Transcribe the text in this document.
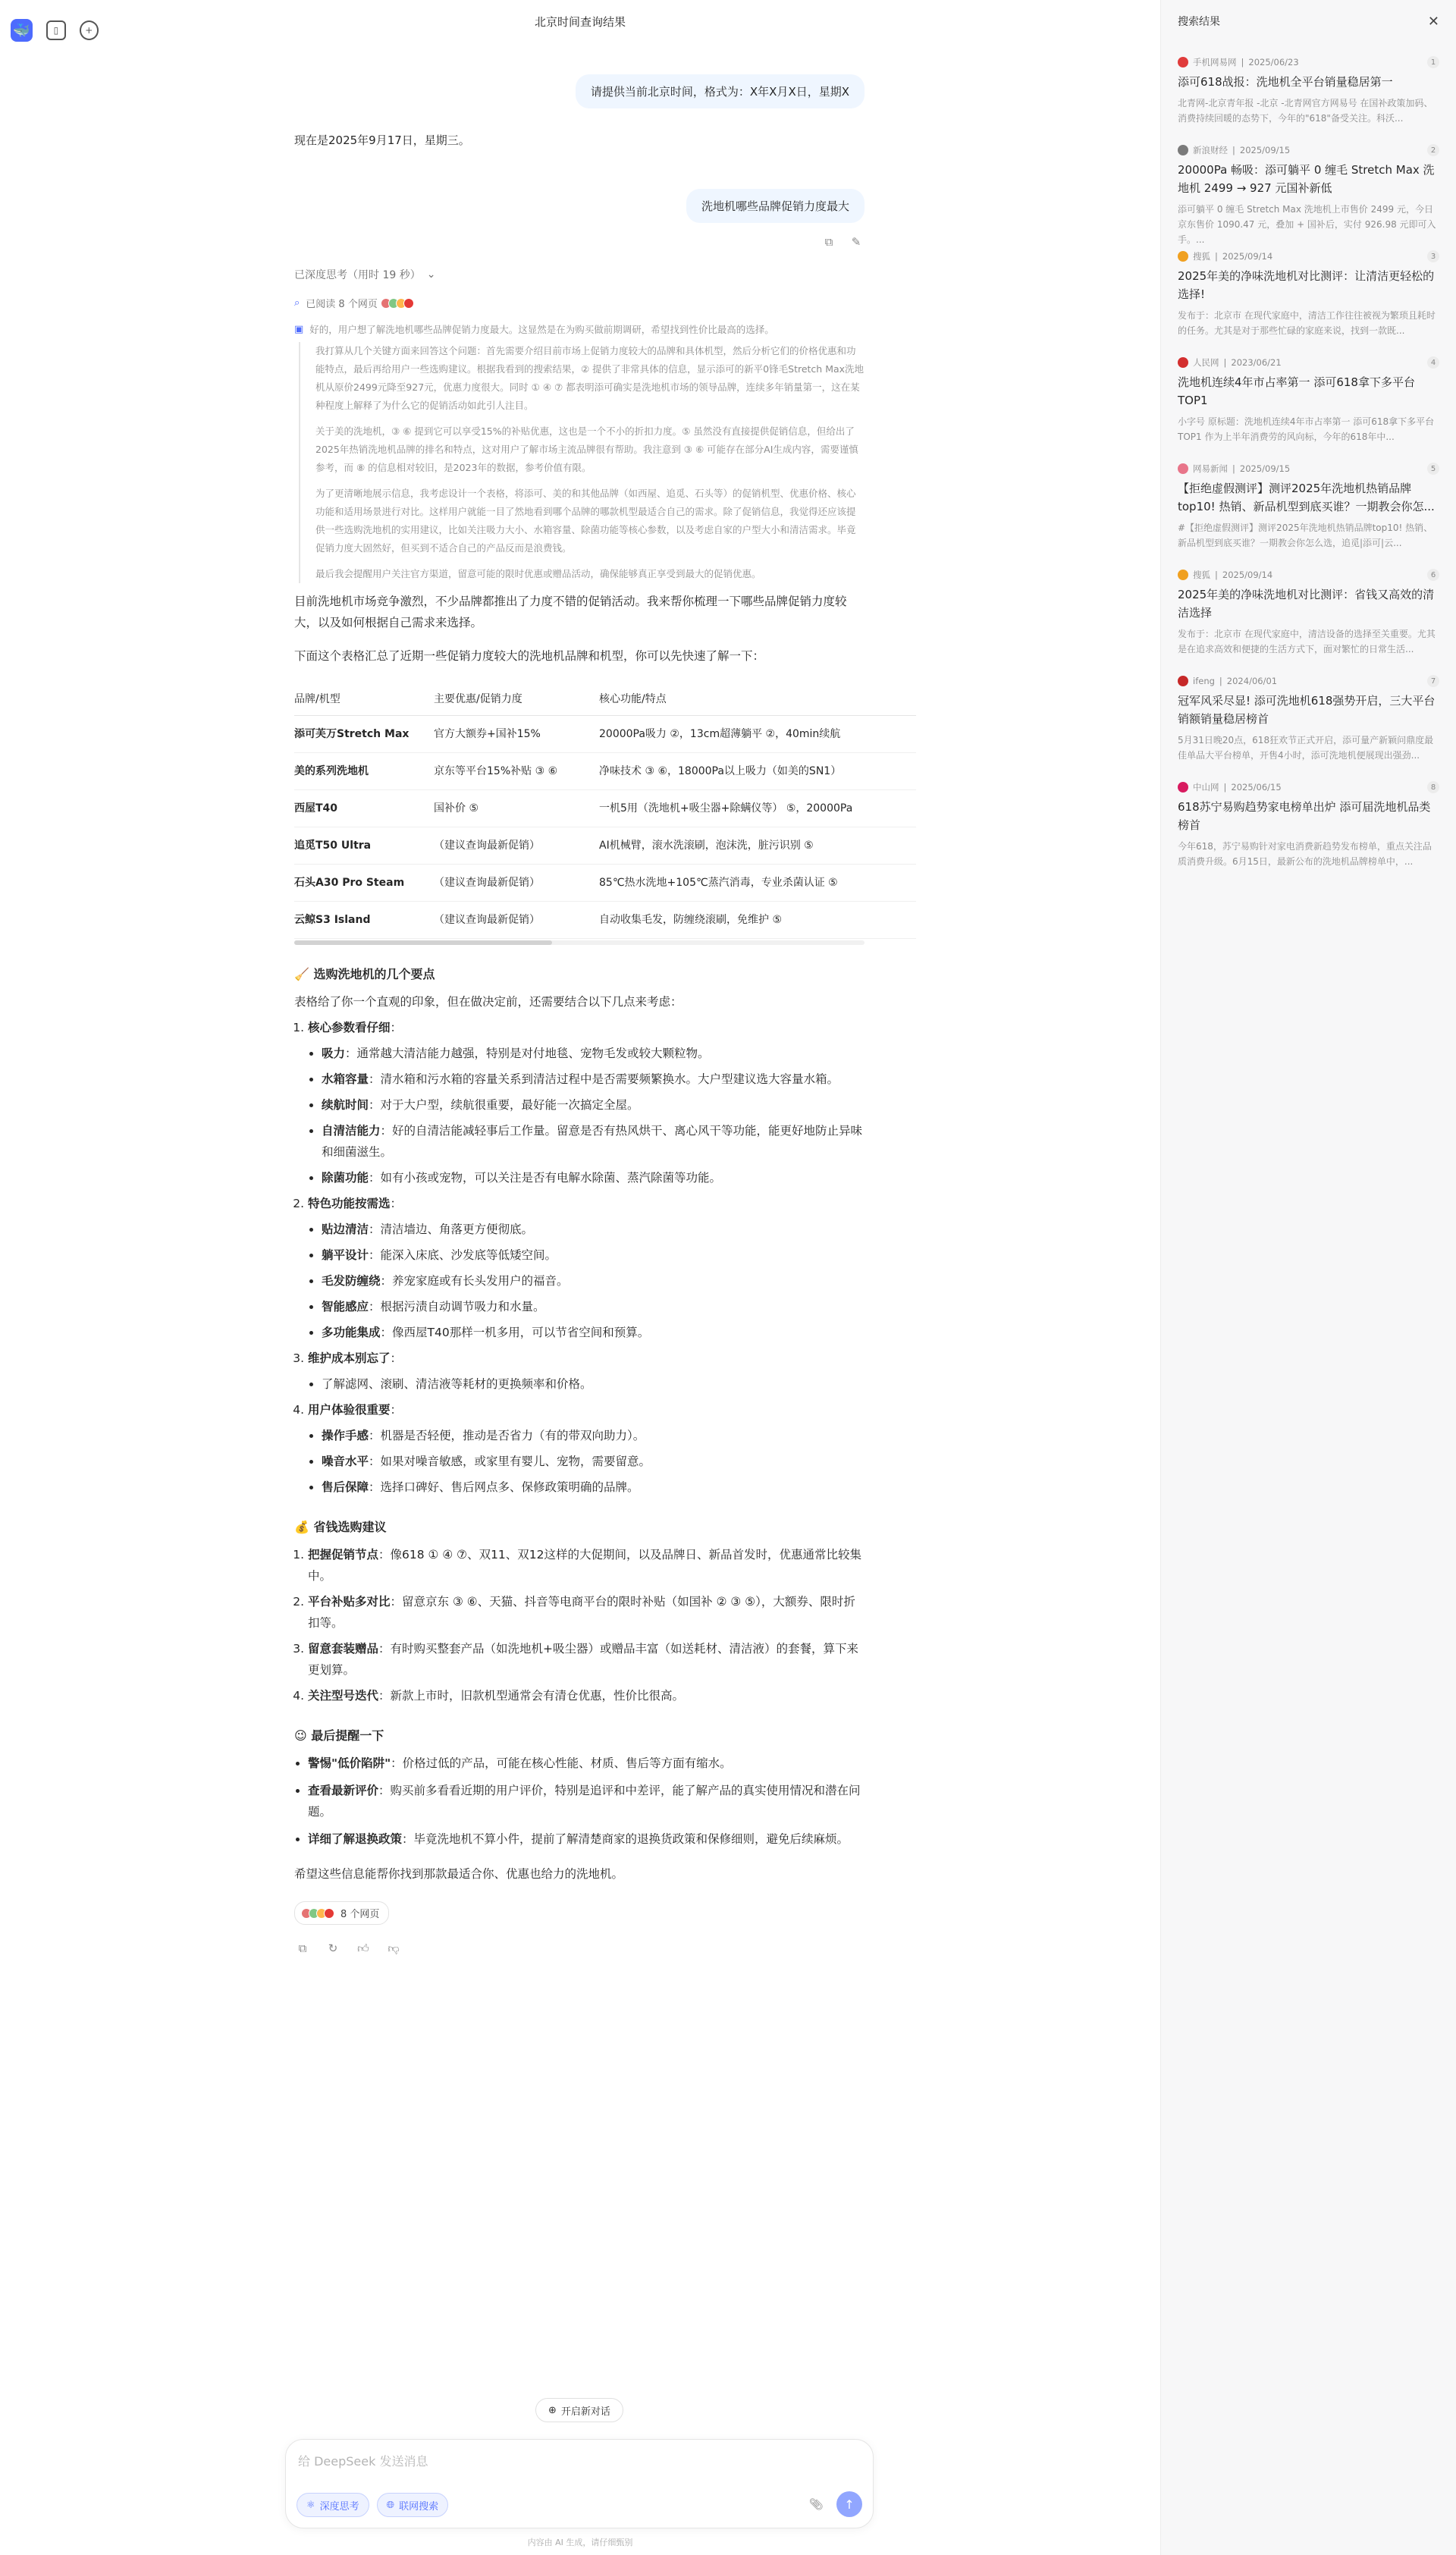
🐳	▯	+
北京时间查询结果
请提供当前北京时间，格式为：X年X月X日，星期X
现在是2025年9月17日，星期三。
洗地机哪些品牌促销力度最大
⧉	✎
已深度思考（用时 19 秒） ⌄
⌕ 已阅读 8 个网页
▣ 好的，用户想了解洗地机哪些品牌促销力度最大。这显然是在为购买做前期调研，希望找到性价比最高的选择。

我打算从几个关键方面来回答这个问题：首先需要介绍目前市场上促销力度较大的品牌和具体机型，然后分析它们的价格优惠和功能特点，最后再给用户一些选购建议。根据我看到的搜索结果，② 提供了非常具体的信息，显示添可的新平0锋毛Stretch Max洗地机从原价2499元降至927元，优惠力度很大。同时 ① ④ ⑦ 都表明添可确实是洗地机市场的领导品牌，连续多年销量第一，这在某种程度上解释了为什么它的促销活动如此引人注目。

关于美的洗地机，③ ⑥ 提到它可以享受15%的补贴优惠，这也是一个不小的折扣力度。⑤ 虽然没有直接提供促销信息，但给出了2025年热销洗地机品牌的排名和特点，这对用户了解市场主流品牌很有帮助。我注意到 ③ ⑥ 可能存在部分AI生成内容，需要谨慎参考，而 ⑧ 的信息相对较旧，是2023年的数据，参考价值有限。

为了更清晰地展示信息，我考虑设计一个表格，将添可、美的和其他品牌（如西屋、追觅、石头等）的促销机型、优惠价格、核心功能和适用场景进行对比。这样用户就能一目了然地看到哪个品牌的哪款机型最适合自己的需求。除了促销信息，我觉得还应该提供一些选购洗地机的实用建议，比如关注吸力大小、水箱容量、除菌功能等核心参数，以及考虑自家的户型大小和清洁需求。毕竟促销力度大固然好，但买到不适合自己的产品反而是浪费钱。

最后我会提醒用户关注官方渠道，留意可能的限时优惠或赠品活动，确保能够真正享受到最大的促销优惠。

目前洗地机市场竞争激烈，不少品牌都推出了力度不错的促销活动。我来帮你梳理一下哪些品牌促销力度较大，以及如何根据自己需求来选择。

下面这个表格汇总了近期一些促销力度较大的洗地机品牌和机型，你可以先快速了解一下：

品牌/机型	主要优惠/促销力度	核心功能/特点
添可芙万Stretch Max	官方大额券+国补15%	20000Pa吸力 ②，13cm超薄躺平 ②，40min续航
美的系列洗地机	京东等平台15%补贴 ③ ⑥	净味技术 ③ ⑥，18000Pa以上吸力（如美的SN1）
西屋T40	国补价 ⑤	一机5用（洗地机+吸尘器+除螨仪等） ⑤，20000Pa
追觅T50 Ultra	（建议查询最新促销）	AI机械臂，滚水洗滚刷，泡沫洗，脏污识别 ⑤
石头A30 Pro Steam	（建议查询最新促销）	85℃热水洗地+105℃蒸汽消毒，专业杀菌认证 ⑤
云鲸S3 Island	（建议查询最新促销）	自动收集毛发，防缠绕滚刷，免维护 ⑤
🧹 选购洗地机的几个要点

表格给了你一个直观的印象，但在做决定前，还需要结合以下几点来考虑：

1. 核心参数看仔细：
• 吸力：通常越大清洁能力越强，特别是对付地毯、宠物毛发或较大颗粒物。
• 水箱容量：清水箱和污水箱的容量关系到清洁过程中是否需要频繁换水。大户型建议选大容量水箱。
• 续航时间：对于大户型，续航很重要，最好能一次搞定全屋。
• 自清洁能力：好的自清洁能减轻事后工作量。留意是否有热风烘干、离心风干等功能，能更好地防止异味和细菌滋生。
• 除菌功能：如有小孩或宠物，可以关注是否有电解水除菌、蒸汽除菌等功能。
2. 特色功能按需选：
• 贴边清洁：清洁墙边、角落更方便彻底。
• 躺平设计：能深入床底、沙发底等低矮空间。
• 毛发防缠绕：养宠家庭或有长头发用户的福音。
• 智能感应：根据污渍自动调节吸力和水量。
• 多功能集成：像西屋T40那样一机多用，可以节省空间和预算。
3. 维护成本别忘了：
• 了解滤网、滚刷、清洁液等耗材的更换频率和价格。
4. 用户体验很重要：
• 操作手感：机器是否轻便，推动是否省力（有的带双向助力）。
• 噪音水平：如果对噪音敏感，或家里有婴儿、宠物，需要留意。
• 售后保障：选择口碑好、售后网点多、保修政策明确的品牌。
💰 省钱选购建议
1. 把握促销节点：像618 ① ④ ⑦、双11、双12这样的大促期间，以及品牌日、新品首发时，优惠通常比较集中。
2. 平台补贴多对比：留意京东 ③ ⑥、天猫、抖音等电商平台的限时补贴（如国补 ② ③ ⑤），大额券、限时折扣等。
3. 留意套装赠品：有时购买整套产品（如洗地机+吸尘器）或赠品丰富（如送耗材、清洁液）的套餐，算下来更划算。
4. 关注型号迭代：新款上市时，旧款机型通常会有清仓优惠，性价比很高。
😉 最后提醒一下
• 警惕"低价陷阱"：价格过低的产品，可能在核心性能、材质、售后等方面有缩水。
• 查看最新评价：购买前多看看近期的用户评价，特别是追评和中差评，能了解产品的真实使用情况和潜在问题。
• 详细了解退换政策：毕竟洗地机不算小件，提前了解清楚商家的退换货政策和保修细则，避免后续麻烦。

希望这些信息能帮你找到那款最适合你、优惠也给力的洗地机。

8 个网页
⧉	↻	👍︎ 👎︎
⊕ 开启新对话
给 DeepSeek 发送消息
⚛ 深度思考	🌐︎ 联网搜索	📎︎ ↑
内容由 AI 生成，请仔细甄别
搜索结果	✕
手机网易网 | 2025/06/23	1
添可618战报：洗地机全平台销量稳居第一
北青网-北京青年报 -北京 -北青网官方网易号 在国补政策加码、消费持续回暖的态势下，今年的"618"备受关注。科沃...
新浪财经 | 2025/09/15	2
20000Pa 畅吸：添可躺平 0 缠毛 Stretch Max 洗地机 2499 → 927 元国补新低
添可躺平 0 缠毛 Stretch Max 洗地机上市售价 2499 元，今日京东售价 1090.47 元，叠加 + 国补后，实付 926.98 元即可入手。...
搜狐 | 2025/09/14	3
2025年美的净味洗地机对比测评：让清洁更轻松的选择!
发布于：北京市 在现代家庭中，清洁工作往往被视为繁琐且耗时的任务。尤其是对于那些忙碌的家庭来说，找到一款既...
人民网 | 2023/06/21	4
洗地机连续4年市占率第一 添可618拿下多平台TOP1
小字号 原标题：洗地机连续4年市占率第一 添可618拿下多平台TOP1 作为上半年消费劳的风向标，今年的618年中...
网易新闻 | 2025/09/15	5
【拒绝虚假测评】测评2025年洗地机热销品牌top10! 热销、新品机型到底买谁？一期教会你怎...
#【拒绝虚假测评】测评2025年洗地机热销品牌top10! 热销、新品机型到底买谁？一期教会你怎么选，追觅|添可|云...
搜狐 | 2025/09/14	6
2025年美的净味洗地机对比测评：省钱又高效的清洁选择
发布于：北京市 在现代家庭中，清洁设备的选择至关重要。尤其是在追求高效和便捷的生活方式下，面对繁忙的日常生活...
ifeng | 2024/06/01	7
冠军风采尽显! 添可洗地机618强势开启，三大平台销额销量稳居榜首
5月31日晚20点，618狂欢节正式开启，添可量产新颖问鼎度最佳单品大平台榜单，开售4小时，添可洗地机便展现出强劲...
中山网 | 2025/06/15	8
618苏宁易购趋势家电榜单出炉 添可届洗地机品类榜首
今年618，苏宁易购针对家电消费新趋势发布榜单，重点关注品质消费升级。6月15日，最新公布的洗地机品牌榜单中，...
